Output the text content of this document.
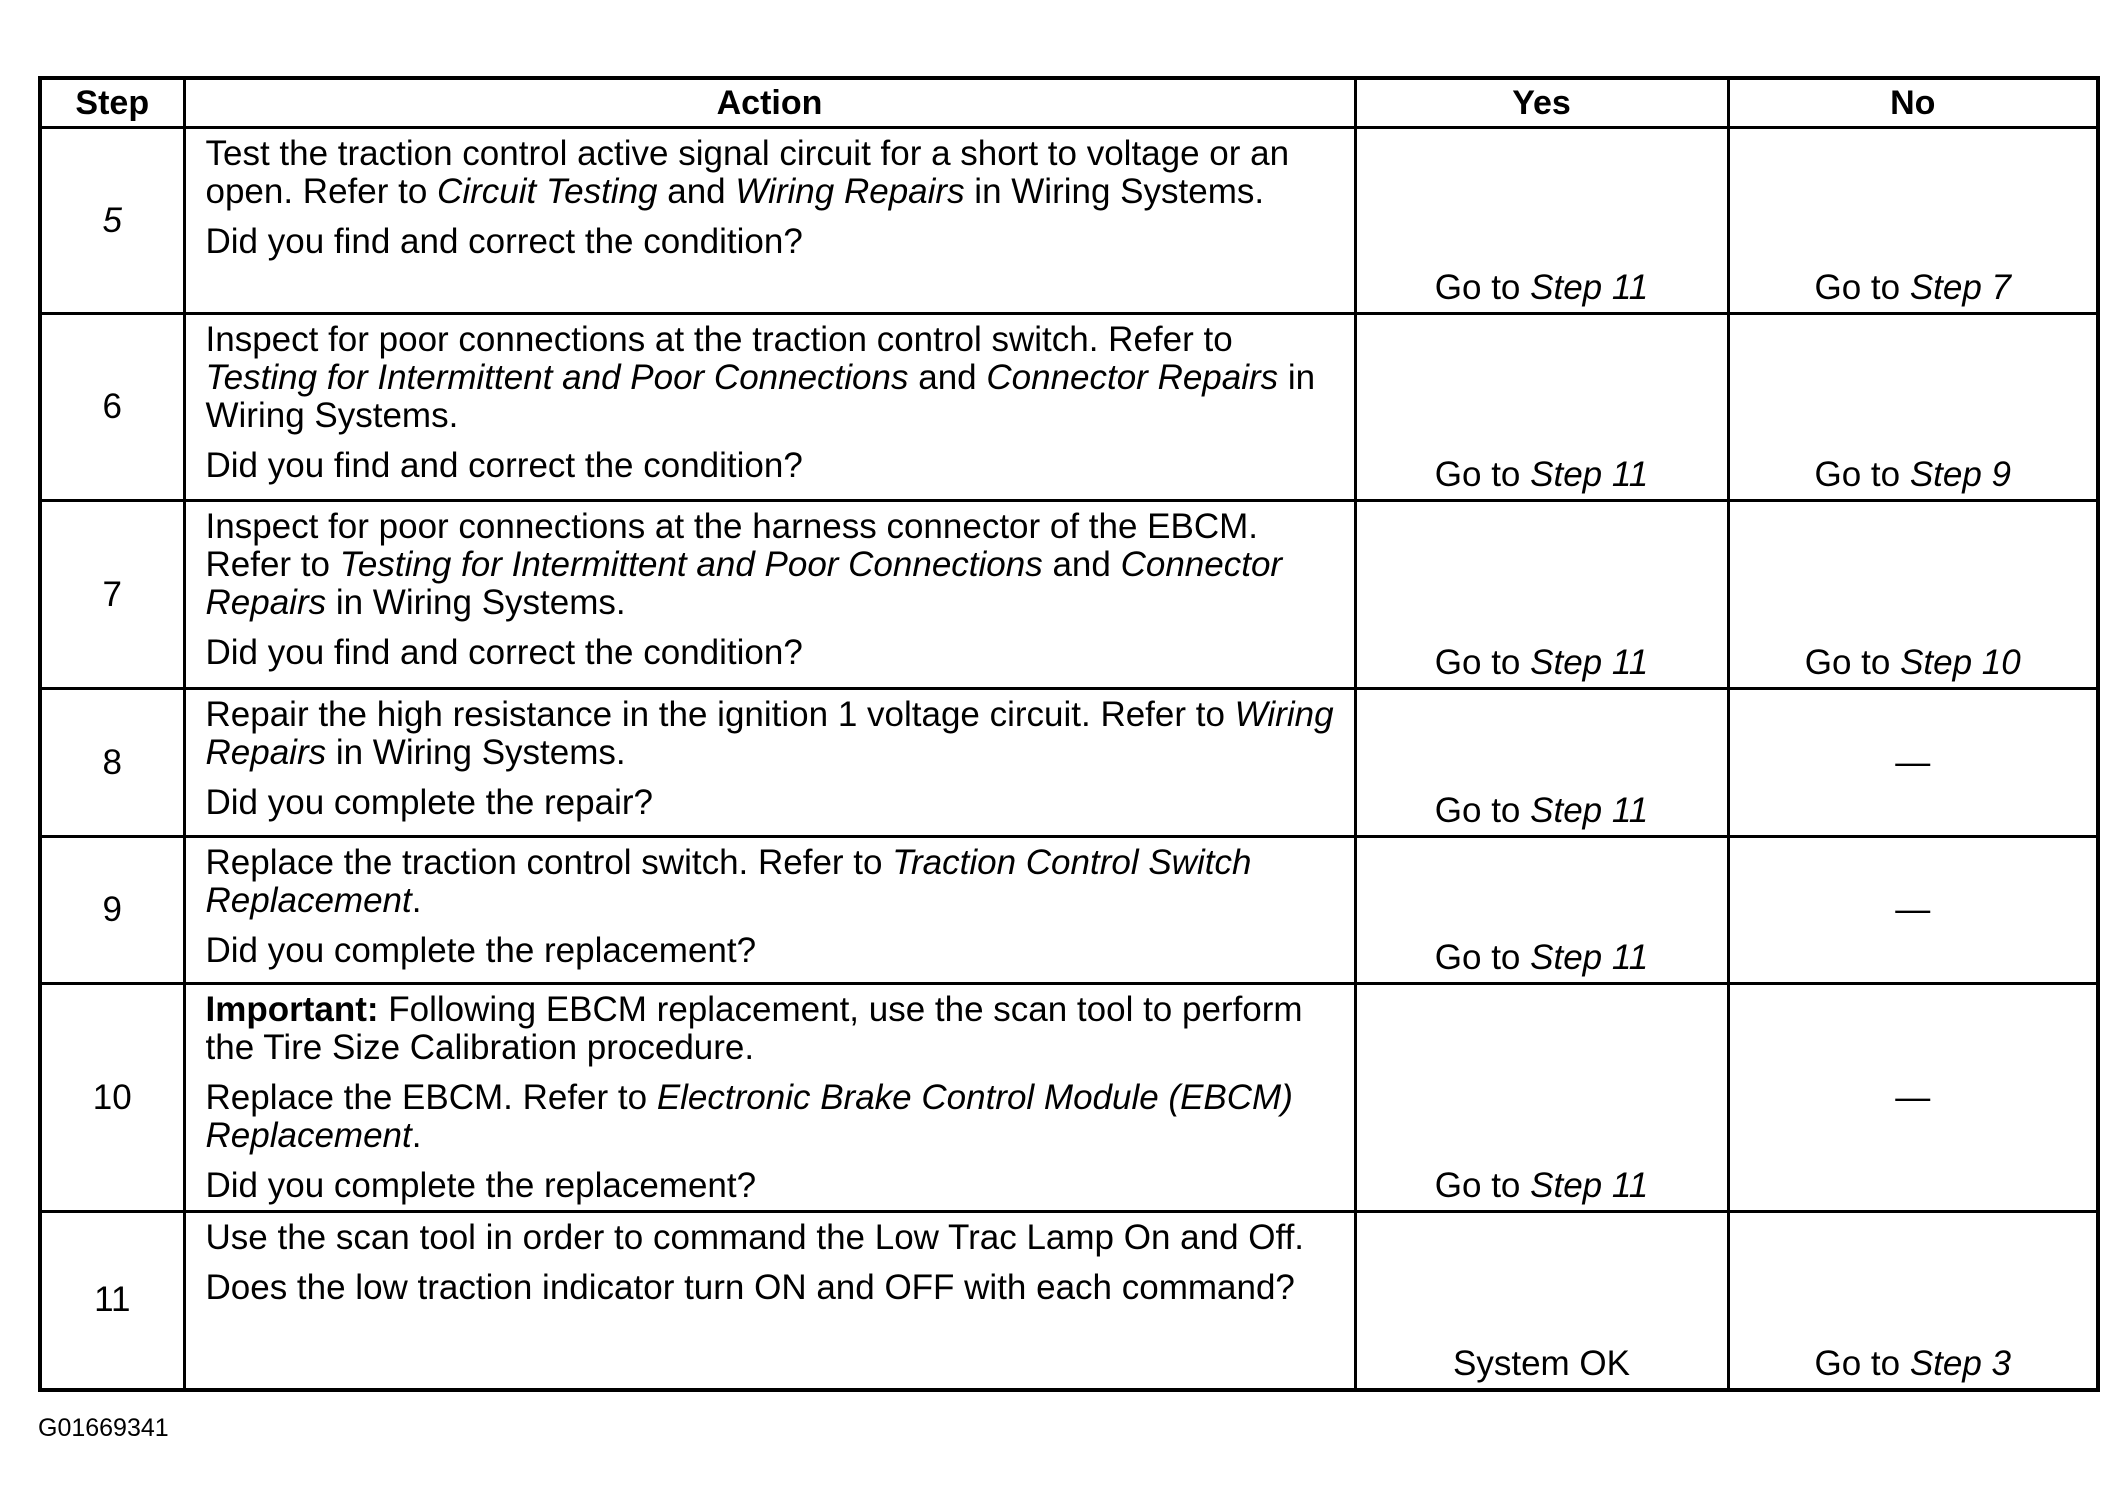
Step	Action	Yes	No
5	Test the traction control active signal circuit for a short to voltage or an open. Refer to Circuit Testing and Wiring Repairs in Wiring Systems.

Did you find and correct the condition?	Go to Step 11	Go to Step 7
6	Inspect for poor connections at the traction control switch. Refer to Testing for Intermittent and Poor Connections and Connector Repairs in Wiring Systems.

Did you find and correct the condition?	Go to Step 11	Go to Step 9
7	Inspect for poor connections at the harness connector of the EBCM. Refer to Testing for Intermittent and Poor Connections and Connector Repairs in Wiring Systems.

Did you find and correct the condition?	Go to Step 11	Go to Step 10
8	Repair the high resistance in the ignition 1 voltage circuit. Refer to Wiring Repairs in Wiring Systems.

Did you complete the repair?	Go to Step 11	—
9	Replace the traction control switch. Refer to Traction Control Switch Replacement.

Did you complete the replacement?	Go to Step 11	—
10	Important: Following EBCM replacement, use the scan tool to perform the Tire Size Calibration procedure.

Replace the EBCM. Refer to Electronic Brake Control Module (EBCM) Replacement.

Did you complete the replacement?	Go to Step 11	—
11	Use the scan tool in order to command the Low Trac Lamp On and Off.

Does the low traction indicator turn ON and OFF with each command?	System OK	Go to Step 3
G01669341
